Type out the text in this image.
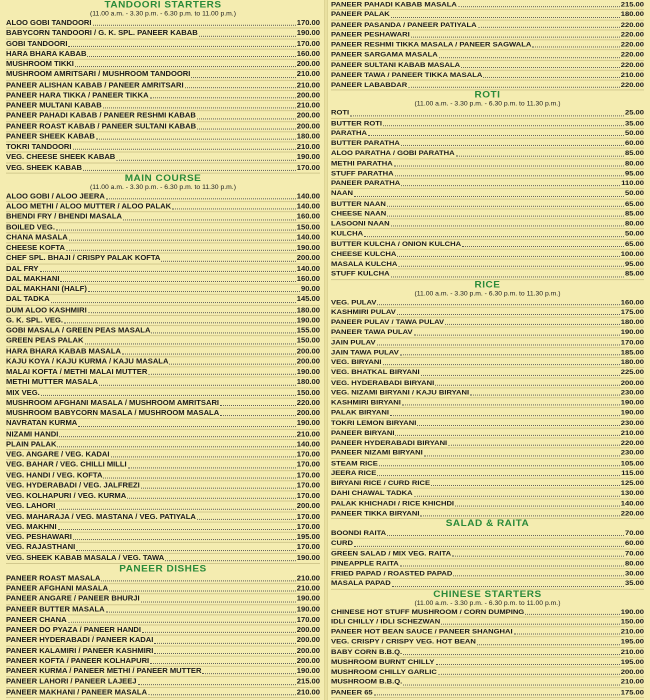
TANDOORI STARTERS
(11.00 a.m. - 3.30 p.m. - 6.30 p.m. to 11.00 p.m.)
ALOO GOBI TANDOORI	170.00
BABYCORN TANDOORI / G. K. SPL. PANEER KABAB	190.00
GOBI TANDOORI	170.00
HARA BHARA KABAB	160.00
MUSHROOM TIKKI	200.00
MUSHROOM AMRITSARI / MUSHROOM TANDOORI	210.00
PANEER ALISHAN KABAB / PANEER AMRITSARI	210.00
PANEER HARA TIKKA / PANEER TIKKA	200.00
PANEER MULTANI KABAB	210.00
PANEER PAHADI KABAB / PANEER RESHMI KABAB	200.00
PANEER ROAST KABAB / PANEER SULTANI KABAB	200.00
PANEER SHEEK KABAB	180.00
TOKRI TANDOORI	210.00
VEG. CHEESE SHEEK KABAB	190.00
VEG. SHEEK KABAB	170.00
MAIN COURSE
(11.00 a.m. - 3.30 p.m. - 6.30 p.m. to 11.30 p.m.)
ALOO GOBI / ALOO JEERA	140.00
ALOO METHI / ALOO MUTTER / ALOO PALAK	140.00
BHENDI FRY / BHENDI MASALA	160.00
BOILED VEG.	150.00
CHANA MASALA	140.00
CHEESE KOFTA	190.00
CHEF SPL. BHAJI / CRISPY PALAK KOFTA	200.00
DAL FRY	140.00
DAL MAKHANI	160.00
DAL MAKHANI (HALF)	90.00
DAL TADKA	145.00
DUM ALOO KASHMIRI	180.00
G. K. SPL. VEG.	190.00
GOBI MASALA / GREEN PEAS MASALA	155.00
GREEN PEAS PALAK	150.00
HARA BHARA KABAB MASALA	200.00
KAJU KOYA / KAJU KURMA / KAJU MASALA	200.00
MALAI KOFTA / METHI MALAI MUTTER	190.00
METHI MUTTER MASALA	180.00
MIX VEG.	150.00
MUSHROOM AFGHANI MASALA / MUSHROOM AMRITSARI	220.00
MUSHROOM BABYCORN MASALA / MUSHROOM MASALA	200.00
NAVRATAN KURMA	190.00
NIZAMI HANDI	210.00
PLAIN PALAK	140.00
VEG. ANGARE / VEG. KADAI	170.00
VEG. BAHAR / VEG. CHILLI MILLI	170.00
VEG. HANDI / VEG. KOFTA	170.00
VEG. HYDERABADI / VEG. JALFREZI	170.00
VEG. KOLHAPURI / VEG. KURMA	170.00
VEG. LAHORI	200.00
VEG. MAHARAJA / VEG. MASTANA / VEG. PATIYALA	170.00
VEG. MAKHNI	170.00
VEG. PESHAWARI	195.00
VEG. RAJASTHANI	170.00
VEG. SHEEK KABAB MASALA / VEG. TAWA	190.00
PANEER DISHES
PANEER ROAST MASALA	210.00
PANEER AFGHANI MASALA	210.00
PANEER ANGARE / PANEER BHURJI	190.00
PANEER BUTTER MASALA	190.00
PANEER CHANA	170.00
PANEER DO PYAZA / PANEER HANDI	200.00
PANEER HYDERABADI / PANEER KADAI	200.00
PANEER KALAMIRI / PANEER KASHMIRI	200.00
PANEER KOFTA / PANEER KOLHAPURI	200.00
PANEER KURMA / PANEER METHI / PANEER MUTTER	190.00
PANEER LAHORI / PANEER LAJEEJ	215.00
PANEER MAKHANI / PANEER MASALA	210.00
PANEER PAHADI KABAB MASALA	215.00
PANEER PALAK	180.00
PANEER PASANDA / PANEER PATIYALA	220.00
PANEER PESHAWARI	220.00
PANEER RESHMI TIKKA MASALA / PANEER SAGWALA	220.00
PANEER SARGAMA MASALA	220.00
PANEER SULTANI KABAB MASALA	220.00
PANEER TAWA / PANEER TIKKA MASALA	210.00
PANEER LABABDAR	220.00
ROTI
(11.00 a.m. - 3.30 p.m. - 6.30 p.m. to 11.30 p.m.)
ROTI	25.00
BUTTER ROTI	35.00
PARATHA	50.00
BUTTER PARATHA	60.00
ALOO PARATHA / GOBI PARATHA	85.00
METHI PARATHA	80.00
STUFF PARATHA	95.00
PANEER PARATHA	110.00
NAAN	50.00
BUTTER NAAN	65.00
CHEESE NAAN	85.00
LASOONI NAAN	80.00
KULCHA	50.00
BUTTER KULCHA / ONION KULCHA	65.00
CHEESE KULCHA	100.00
MASALA KULCHA	95.00
STUFF KULCHA	85.00
RICE
(11.00 a.m. - 3.30 p.m. - 6.30 p.m. to 11.30 p.m.)
VEG. PULAV	160.00
KASHMIRI PULAV	175.00
PANEER PULAV / TAWA PULAV	180.00
PANEER TAWA PULAV	190.00
JAIN PULAV	170.00
JAIN TAWA PULAV	185.00
VEG. BIRYANI	180.00
VEG. BHATKAL BIRYANI	225.00
VEG. HYDERABADI BIRYANI	200.00
VEG. NIZAMI BIRYANI / KAJU BIRYANI	230.00
KASHMIRI BIRYANI	190.00
PALAK BIRYANI	190.00
TOKRI LEMON BIRYANI	230.00
PANEER BIRYANI	210.00
PANEER HYDERABADI BIRYANI	220.00
PANEER NIZAMI BIRYANI	230.00
STEAM RICE	105.00
JEERA RICE	115.00
BIRYANI RICE / CURD RICE	125.00
DAHI CHAWAL TADKA	130.00
PALAK KHICHADI / RICE KHICHDI	140.00
PANEER TIKKA BIRYANI	220.00
SALAD & RAITA
BOONDI RAITA	70.00
CURD	60.00
GREEN SALAD / MIX VEG. RAITA	70.00
PINEAPPLE RAITA	80.00
FRIED PAPAD / ROASTED PAPAD	30.00
MASALA PAPAD	35.00
CHINESE STARTERS
(11.00 a.m. - 3.30 p.m. - 6.30 p.m. to 11.00 p.m.)
CHINESE HOT STUFF MUSHROOM / CORN DUMPING	190.00
IDLI CHILLY / IDLI SCHEZWAN	150.00
PANEER HOT BEAN SAUCE / PANEER SHANGHAI	210.00
VEG. CRISPY / CRISPY VEG. HOT BEAN	195.00
BABY CORN B.B.Q.	210.00
MUSHROOM BURNT CHILLY	195.00
MUSHROOM CHILLY GARLIC	200.00
MUSHROOM B.B.Q.	210.00
PANEER 65	175.00
